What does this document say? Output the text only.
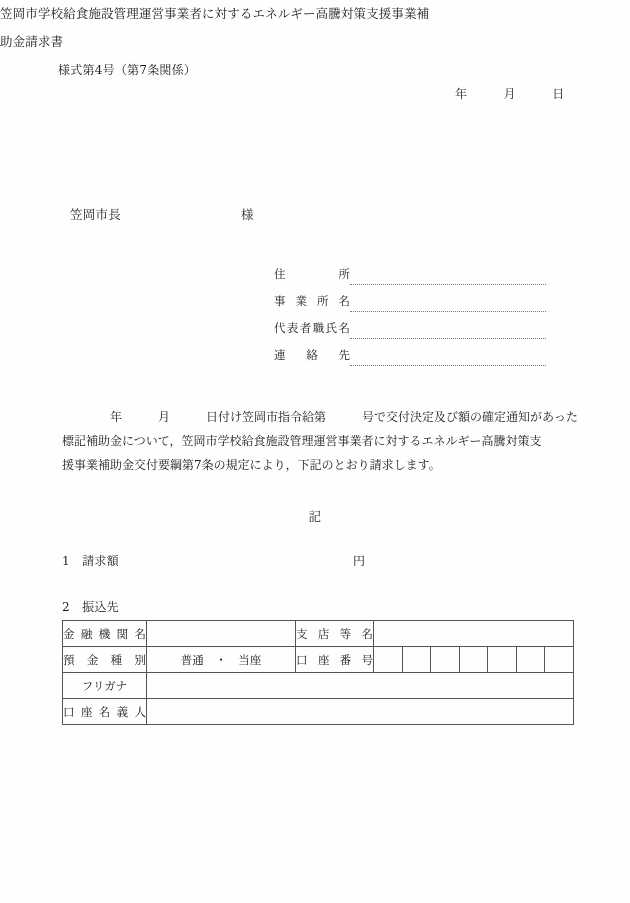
様式第4号（第7条関係）
年　　月　　日
笠岡市学校給食施設管理運営事業者に対するエネルギー高騰対策支援事業補助金請求書
笠岡市長	様
住所
事業所名
代表者職氏名
連絡先
　　　　年　　　月　　　日付け笠岡市指令給第　　　号で交付決定及び額の確定通知があった
標記補助金について，笠岡市学校給食施設管理運営事業者に対するエネルギー高騰対策支
援事業補助金交付要綱第7条の規定により，下記のとおり請求します。
記
1　請求額	円
2　振込先
金融機関名		支店等名							
預金種別	普通　・　当座	口座番号							
フリガナ									
口座名義人									
